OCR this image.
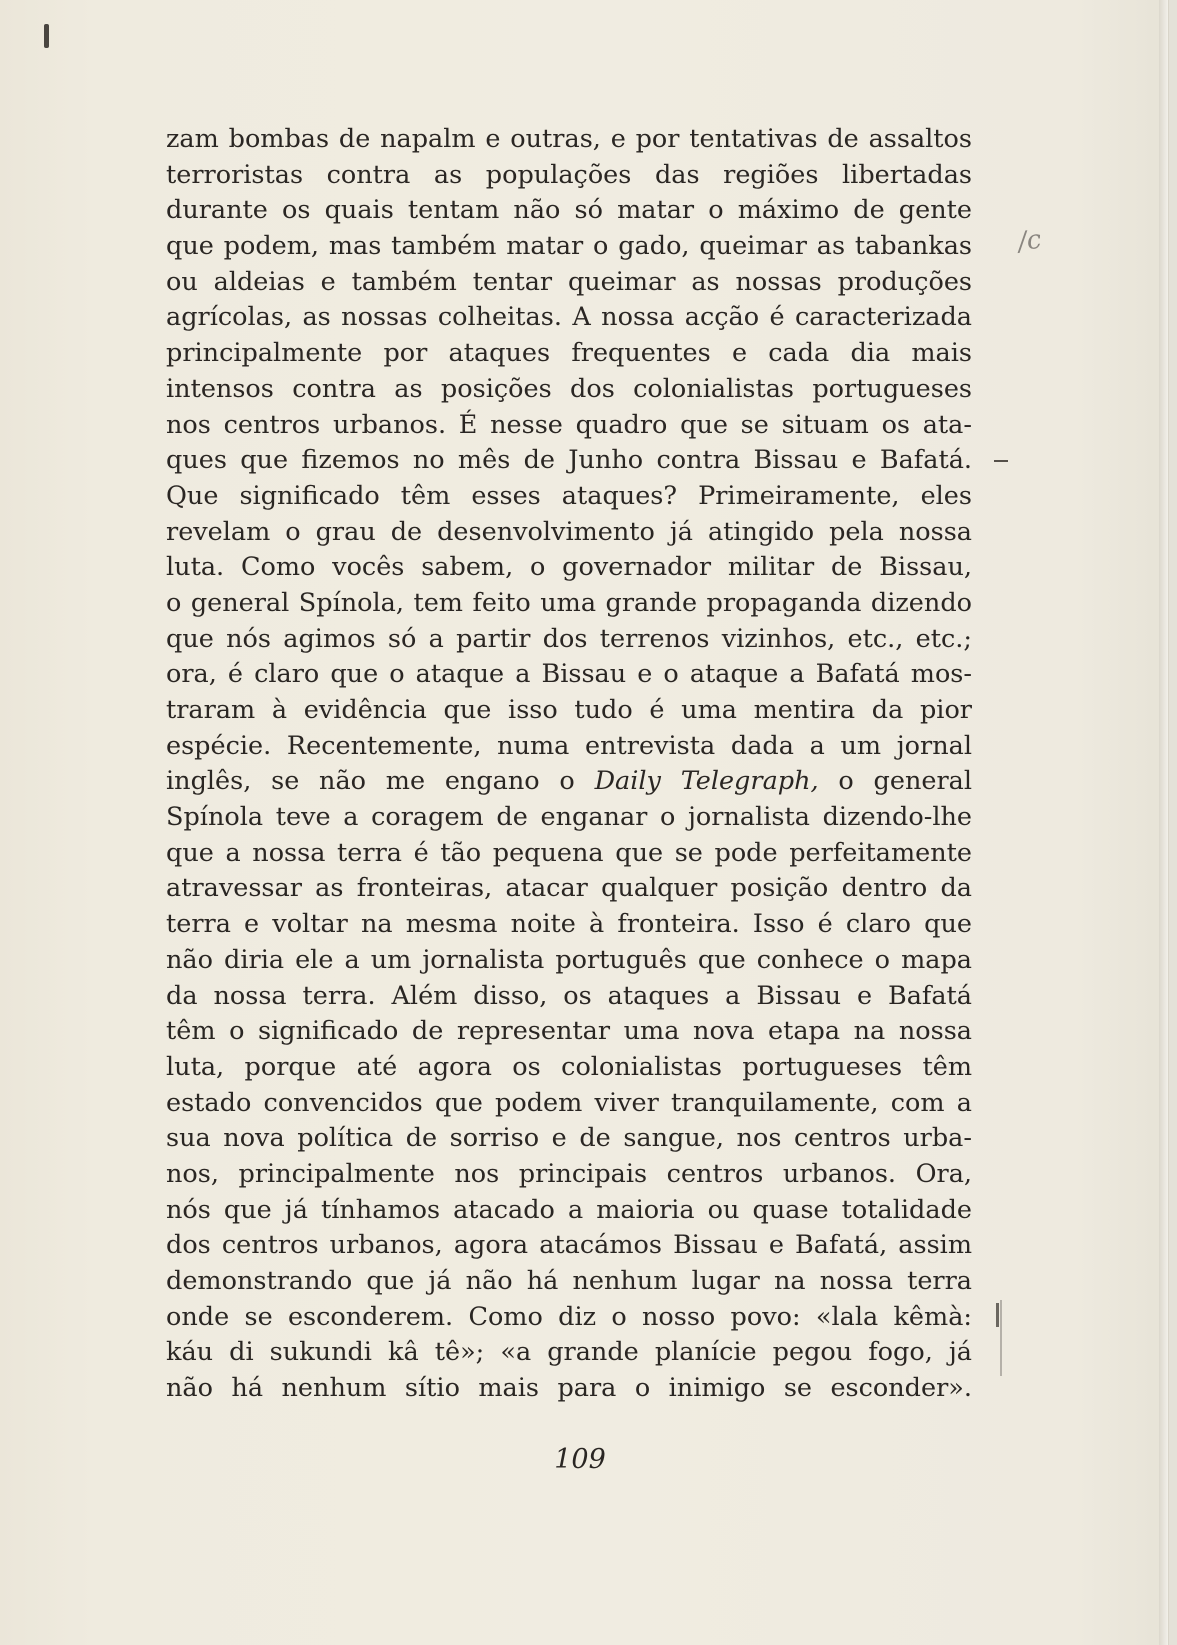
zam bombas de napalm e outras, e por tentativas de assaltos
terroristas contra as populações das regiões libertadas
durante os quais tentam não só matar o máximo de gente
que podem, mas também matar o gado, queimar as tabankas
ou aldeias e também tentar queimar as nossas produções
agrícolas, as nossas colheitas. A nossa acção é caracterizada
principalmente por ataques frequentes e cada dia mais
intensos contra as posições dos colonialistas portugueses
nos centros urbanos. É nesse quadro que se situam os ata-
ques que fizemos no mês de Junho contra Bissau e Bafatá.
Que significado têm esses ataques? Primeiramente, eles
revelam o grau de desenvolvimento já atingido pela nossa
luta. Como vocês sabem, o governador militar de Bissau,
o general Spínola, tem feito uma grande propaganda dizendo
que nós agimos só a partir dos terrenos vizinhos, etc., etc.;
ora, é claro que o ataque a Bissau e o ataque a Bafatá mos-
traram à evidência que isso tudo é uma mentira da pior
espécie. Recentemente, numa entrevista dada a um jornal
inglês, se não me engano o Daily Telegraph, o general
Spínola teve a coragem de enganar o jornalista dizendo-lhe
que a nossa terra é tão pequena que se pode perfeitamente
atravessar as fronteiras, atacar qualquer posição dentro da
terra e voltar na mesma noite à fronteira. Isso é claro que
não diria ele a um jornalista português que conhece o mapa
da nossa terra. Além disso, os ataques a Bissau e Bafatá
têm o significado de representar uma nova etapa na nossa
luta, porque até agora os colonialistas portugueses têm
estado convencidos que podem viver tranquilamente, com a
sua nova política de sorriso e de sangue, nos centros urba-
nos, principalmente nos principais centros urbanos. Ora,
nós que já tínhamos atacado a maioria ou quase totalidade
dos centros urbanos, agora atacámos Bissau e Bafatá, assim
demonstrando que já não há nenhum lugar na nossa terra
onde se esconderem. Como diz o nosso povo: «lala kêmà:
káu di sukundi kâ tê»; «a grande planície pegou fogo, já
não há nenhum sítio mais para o inimigo se esconder».
109
/c
